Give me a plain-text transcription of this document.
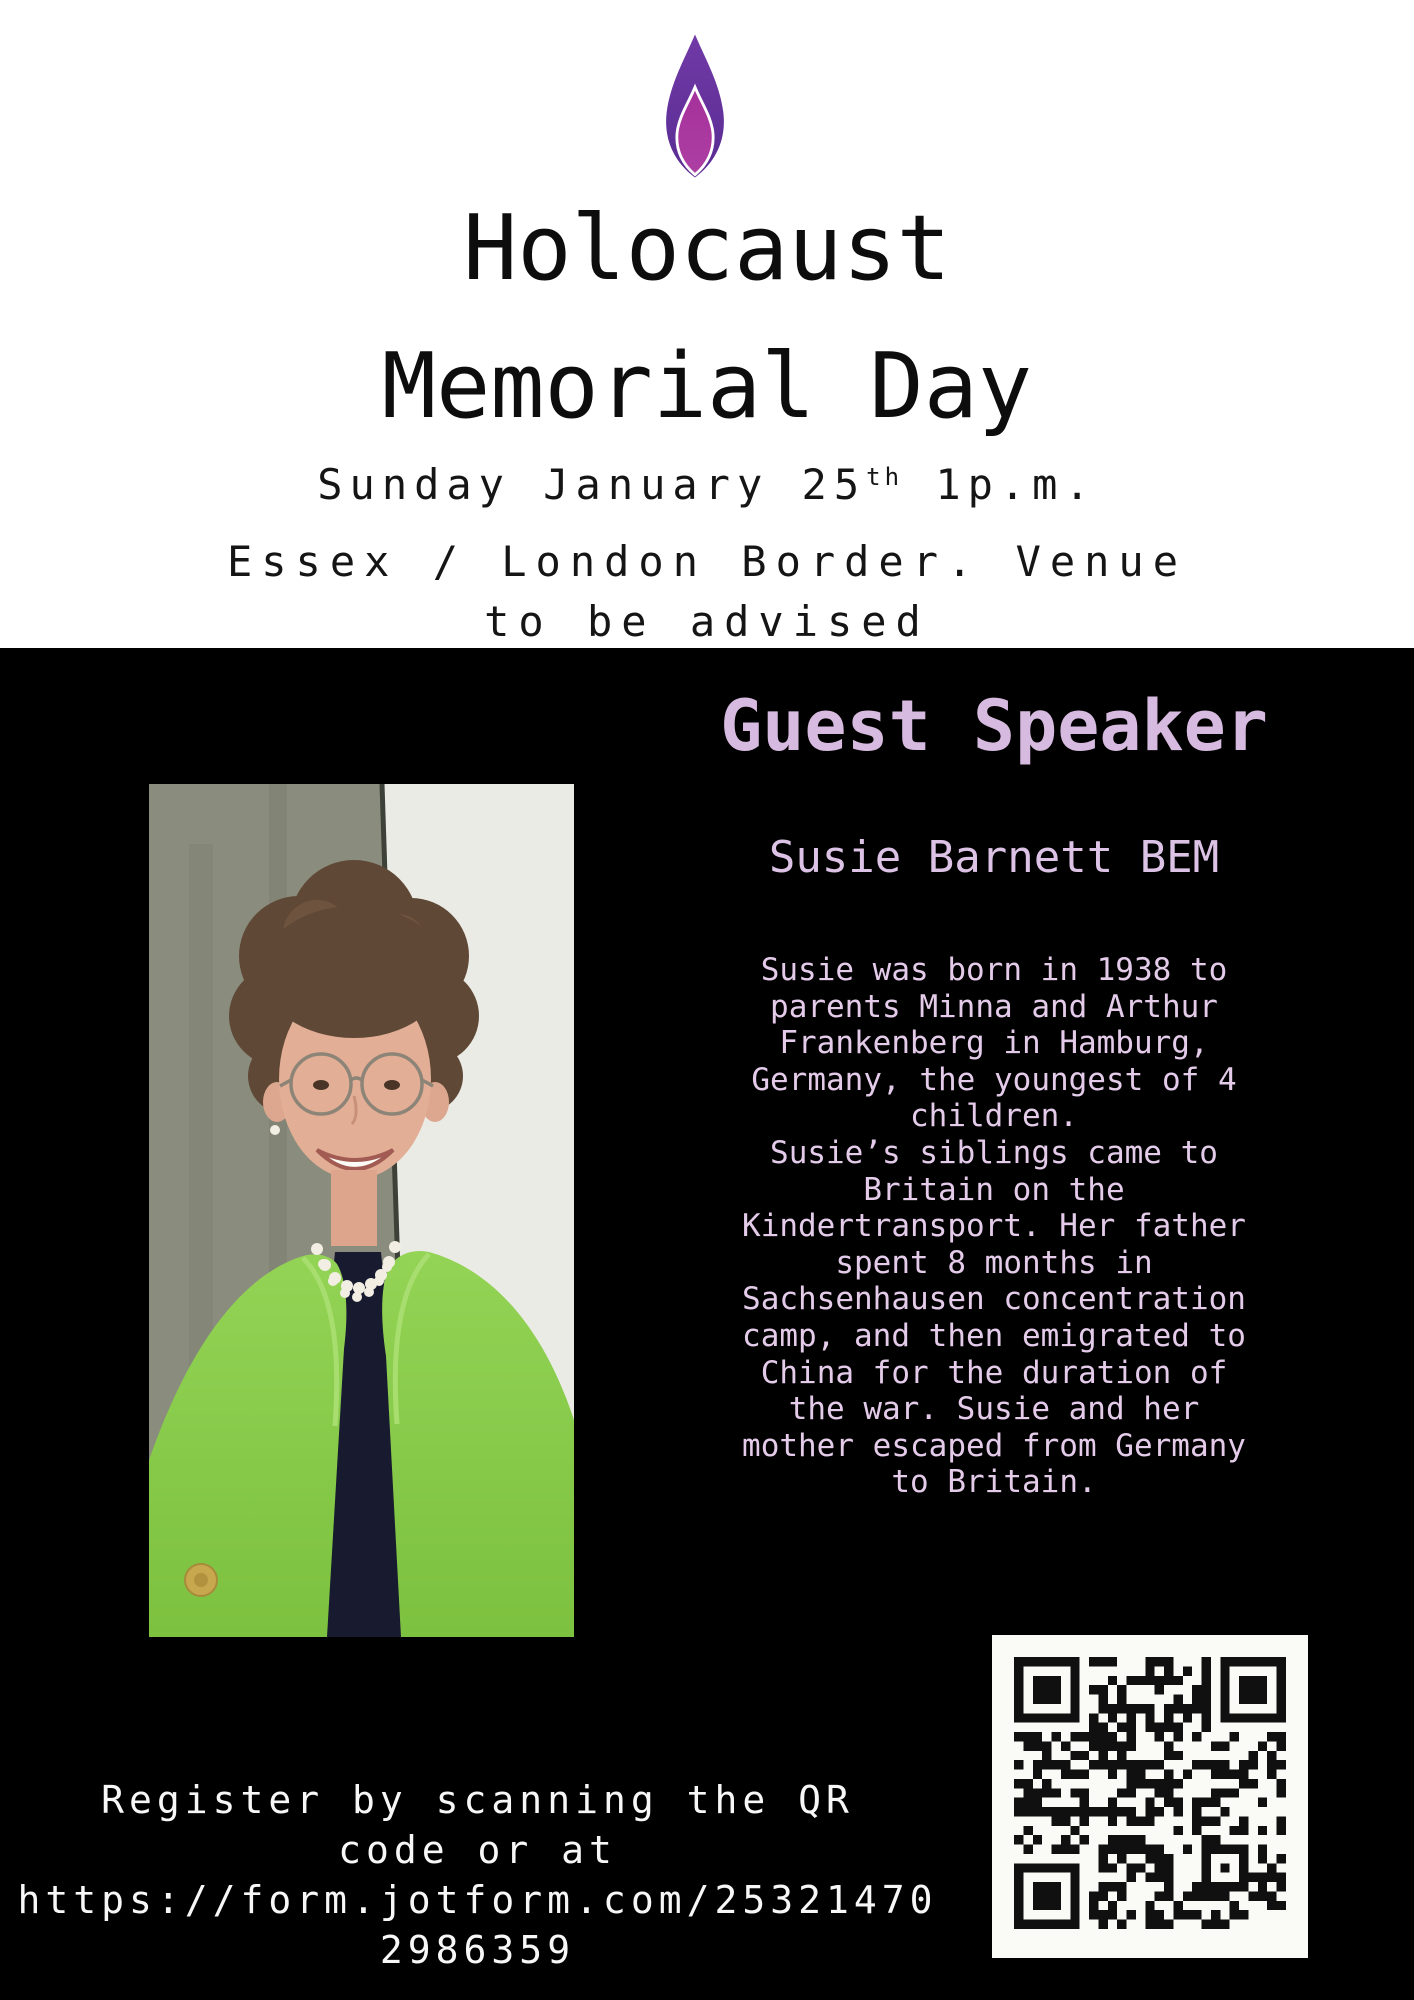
Holocaust
Memorial Day
Sunday January 25th 1p.m.
Essex / London Border. Venue
to be advised
Guest Speaker
Susie Barnett BEM
Susie was born in 1938 to
parents Minna and Arthur
Frankenberg in Hamburg,
Germany, the youngest of 4
children.
Susie’s siblings came to
Britain on the
Kindertransport. Her father
spent 8 months in
Sachsenhausen concentration
camp, and then emigrated to
China for the duration of
the war. Susie and her
mother escaped from Germany
to Britain.
Register by scanning the QR
code or at
https://form.jotform.com/25321470
2986359
